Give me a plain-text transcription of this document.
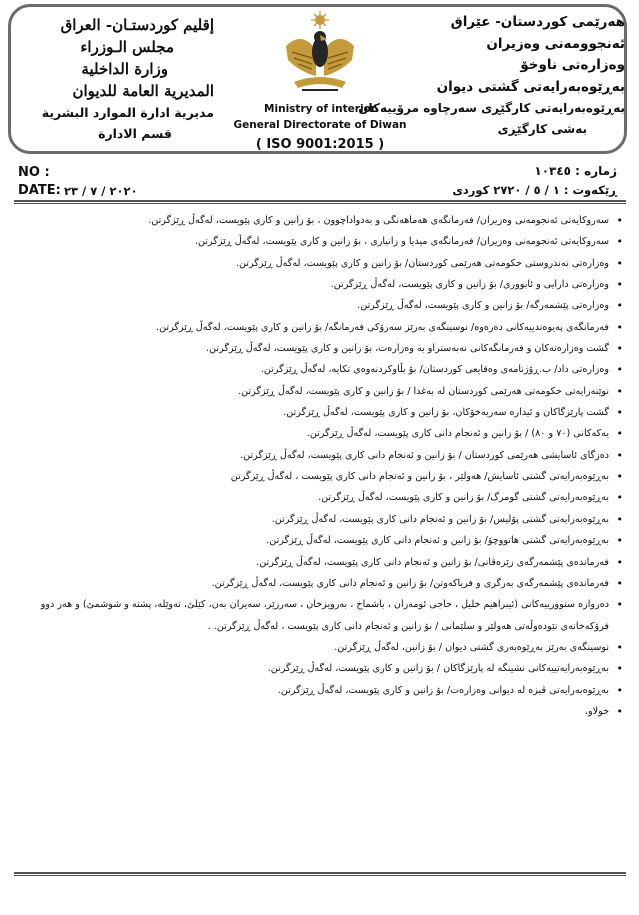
هەرێمی کوردستان- عێراق
ئەنجوومەنی وەزیران
وەزارەتی ناوخۆ
بەڕێوەبەرایەتی گشتی دیوان
بەڕێوەبەرایەتی کارگێڕی سەرچاوە مرۆییەکان
بەشی کارگێڕی
إقليم كوردستـان- العراق
مجلس الـوزراء
وزارة الداخلية
المديرية العامة للديوان
مديرية ادارة الموارد البشرية
قسم الادارة
Ministry of interior
General Directorate of Diwan
( ISO 9001:2015 )
NO :
DATE: ٢٠٢٠ / ٧ / ٢٣
ژمارە : ١٠٣٤٥
ڕێکەوت : ١ / ٥ / ٢٧٢٠ کوردی
•
سەروکایەتی ئەنجومەنی وەزیران/ فەرمانگەی هەماهەنگی و بەدواداچوون ، بۆ زانین و کاری پێویست، لەگەڵ ڕێزگرتن.
•
سەروکایەتی ئەنجومەنی وەزیران/ فەرمانگەی میدیا و زانیاری ، بۆ زانین و کاری پێویست، لەگەڵ ڕێزگرتن.
•
وەزارەتی تەندروستی حکومەتی هەرێمی کوردستان/ بۆ زانین و کاری پێویست، لەگەڵ ڕێزگرتن.
•
وەزارەتی دارایی و ئابووری/ بۆ زانین و کاری پێویست، لەگەڵ ڕێزگرتن.
•
وەزارەتی پێشمەرگە/ بۆ زانین و کاری پێویست، لەگەڵ ڕێزگرتن.
•
فەرمانگەی پەیوەندییەکانی دەرەوە/ نوسینگەی بەرێز سەرۆکی فەرمانگە/ بۆ زانین و کاری پێویست، لەگەڵ ڕێزگرتن.
•
گشت وەزارەتەکان و فەرمانگەکانی نەبەستراو بە وەزارەت، بۆ زانین و کاری پێویست، لەگەڵ ڕێزگرتن.
•
وەزارەتی داد/ ب.ڕۆژنامەی وەقایعی کوردستان/ بۆ بڵاوکردنەوەی تکایە، لەگەڵ ڕێزگرتن.
•
نوێنەرایەتی حکومەتی هەرێمی کوردستان لە بەغدا / بۆ زانین و کاری پێویست، لەگەڵ ڕێزگرتن.
•
گشت پارێزگاکان و ئیدارە سەربەخۆکان، بۆ زانین و کاری پێویست، لەگەڵ ڕێزگرتن.
•
یەکەکانی (٧٠ و ٨٠) / بۆ زانین و ئەنجام دانی کاری پێویست، لەگەڵ ڕێزگرتن.
•
دەزگای ئاسایشی هەرێمی کوردستان / بۆ زانین و ئەنجام دانی کاری پێویست، لەگەڵ ڕێزگرتن.
•
بەڕێوەبەرایەتی گشتی ئاسایش/ هەولێر ، بۆ زانین و ئەنجام دانی کاری پێویست ، لەگەڵ ڕێزگرتن
•
بەڕێوەبەرایەتی گشتی گومرگ/ بۆ زانین و کاری پێویست، لەگەڵ ڕێزگرتن.
•
بەڕێوەبەرایەتی گشتی پۆلیس/ بۆ زانین و ئەنجام دانی کاری پێویست، لەگەڵ ڕێزگرتن.
•
بەڕێوەبەرایەتی گشتی هاتووچۆ/ بۆ زانین و ئەنجام دانی کاری پێویست، لەگەڵ ڕێزگرتن.
•
فەرماندەی پێشمەرگەی زێرەڤانی/ بۆ زانین و ئەنجام دانی کاری پێویست، لەگەڵ ڕێزگرتن.
•
فەرماندەی پێشمەرگەی بەرگری و فریاکەوتن/ بۆ زانین و ئەنجام دانی کاری پێویست، لەگەڵ ڕێزگرتن.
•
دەروازە سنوورییەکانی (ئیبراهیم خلیل ، حاجی ئومەران ، باشماخ ، بەرویزخان ، سەرزێر، سەیران بەن، کێلێ، تەوێلە، پشتە و شوشمێ) و هەر دوو فرۆکەخانەی نێودەوڵەتی هەولێر و سلێمانی / بۆ زانین و ئەنجام دانی کاری پێویست ، لەگەڵ ڕێزگرتن. .
•
نوسینگەی بەرێز بەڕێوەبەری گشتی دیوان / بۆ زانین، لەگەڵ ڕێزگرتن.
•
بەڕێوەبەرایەتییەکانی نشینگە لە پارێزگاکان / بۆ زانین و کاری پێویست، لەگەڵ ڕێزگرتن.
•
بەڕێوەبەرایەتی ڤیزە لە دیوانی وەزارەت/ بۆ زانین و کاری پێویست، لەگەڵ ڕێزگرتن.
•
خولاو.
